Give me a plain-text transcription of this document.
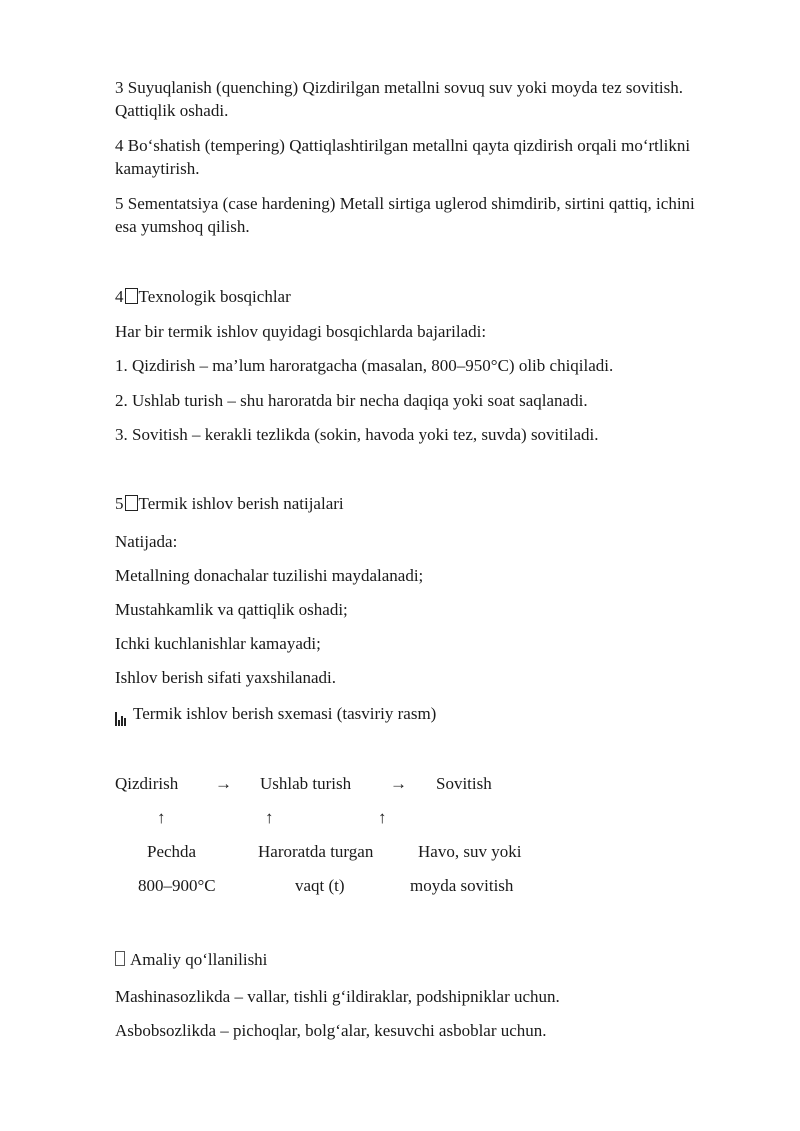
3 Suyuqlanish (quenching) Qizdirilgan metallni sovuq suv yoki moyda tez sovitish. Qattiqlik oshadi.

4 Bo‘shatish (tempering) Qattiqlashtirilgan metallni qayta qizdirish orqali mo‘rtlikni kamaytirish.

5 Sementatsiya (case hardening) Metall sirtiga uglerod shimdirib, sirtini qattiq, ichini esa yumshoq qilish.

4 Texnologik bosqichlar

Har bir termik ishlov quyidagi bosqichlarda bajariladi:

1. Qizdirish – ma’lum haroratgacha (masalan, 800–950°C) olib chiqiladi.

2. Ushlab turish – shu haroratda bir necha daqiqa yoki soat saqlanadi.

3. Sovitish – kerakli tezlikda (sokin, havoda yoki tez, suvda) sovitiladi.

5 Termik ishlov berish natijalari

Natijada:

Metallning donachalar tuzilishi maydalanadi;

Mustahkamlik va qattiqlik oshadi;

Ichki kuchlanishlar kamayadi;

Ishlov berish sifati yaxshilanadi.

Termik ishlov berish sxemasi (tasviriy rasm)

Qizdirish → Ushlab turish → Sovitish

↑	↑	↑

Pechda	Haroratda turgan	Havo, suv yoki

800–900°C	vaqt (t)	moyda sovitish

Amaliy qo‘llanilishi

Mashinasozlikda – vallar, tishli g‘ildiraklar, podshipniklar uchun.

Asbobsozlikda – pichoqlar, bolg‘alar, kesuvchi asboblar uchun.
